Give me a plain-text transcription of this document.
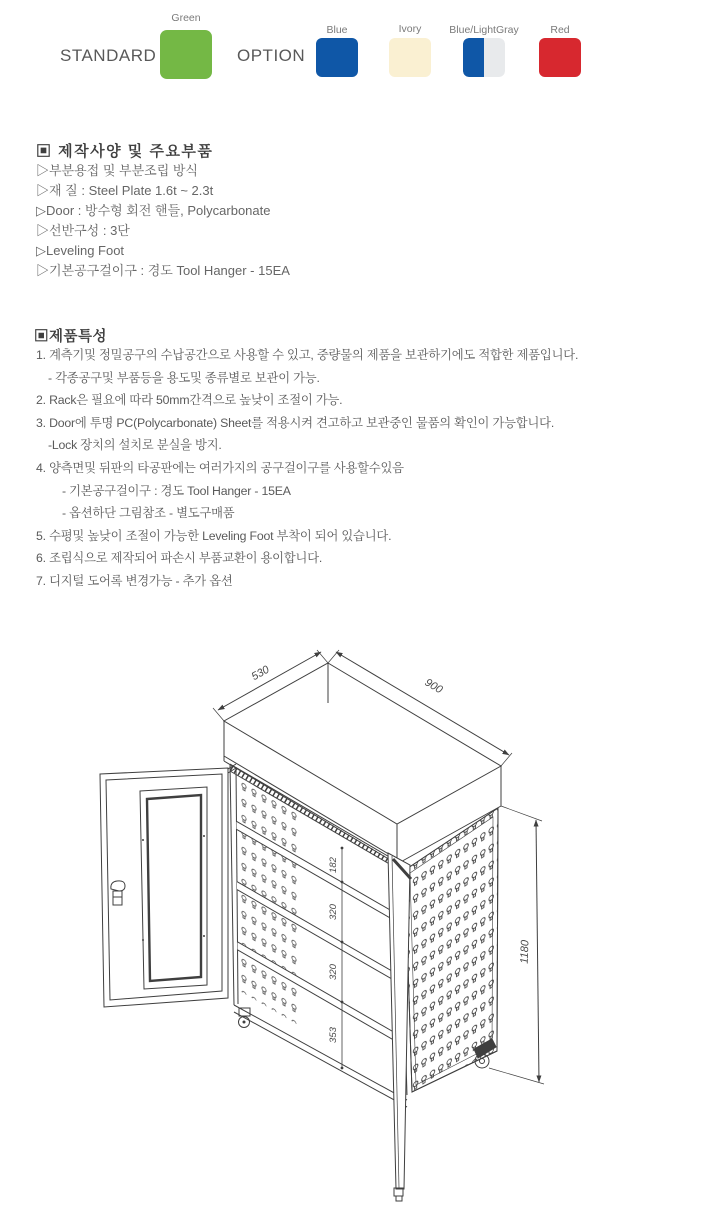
STANDARD
Green
OPTION
Blue	Ivory	Blue/LightGray	Red
▣ 제작사양 및 주요부품
▷부분용접 및 부분조립 방식
▷재 질 : Steel Plate 1.6t ~ 2.3t
▷Door : 방수형 회전 핸들, Polycarbonate
▷선반구성 : 3단
▷Leveling Foot
▷기본공구걸이구 : 경도 Tool Hanger - 15EA
▣제품특성
1. 계측기및 정밀공구의 수납공간으로 사용할 수 있고, 중량물의 제품을 보관하기에도 적합한 제품입니다.
- 각종공구및 부품등을 용도및 종류별로 보관이 가능.
2. Rack은 필요에 따라 50mm간격으로 높낮이 조절이 가능.
3. Door에 투명 PC(Polycarbonate) Sheet를 적용시켜 견고하고 보관중인 물품의 확인이 가능합니다.
-Lock 장치의 설치로 분실을 방지.
4. 양측면및 뒤판의 타공판에는 여러가지의 공구걸이구를 사용할수있음
- 기본공구걸이구 : 경도 Tool Hanger - 15EA
- 옵션하단 그림참조 - 별도구매품
5. 수평및 높낮이 조절이 가능한 Leveling Foot 부착이 되어 있습니다.
6. 조립식으로 제작되어 파손시 부품교환이 용이합니다.
7. 디지털 도어록 변경가능 - 추가 옵션
530
900
1180
182
320
320
353
